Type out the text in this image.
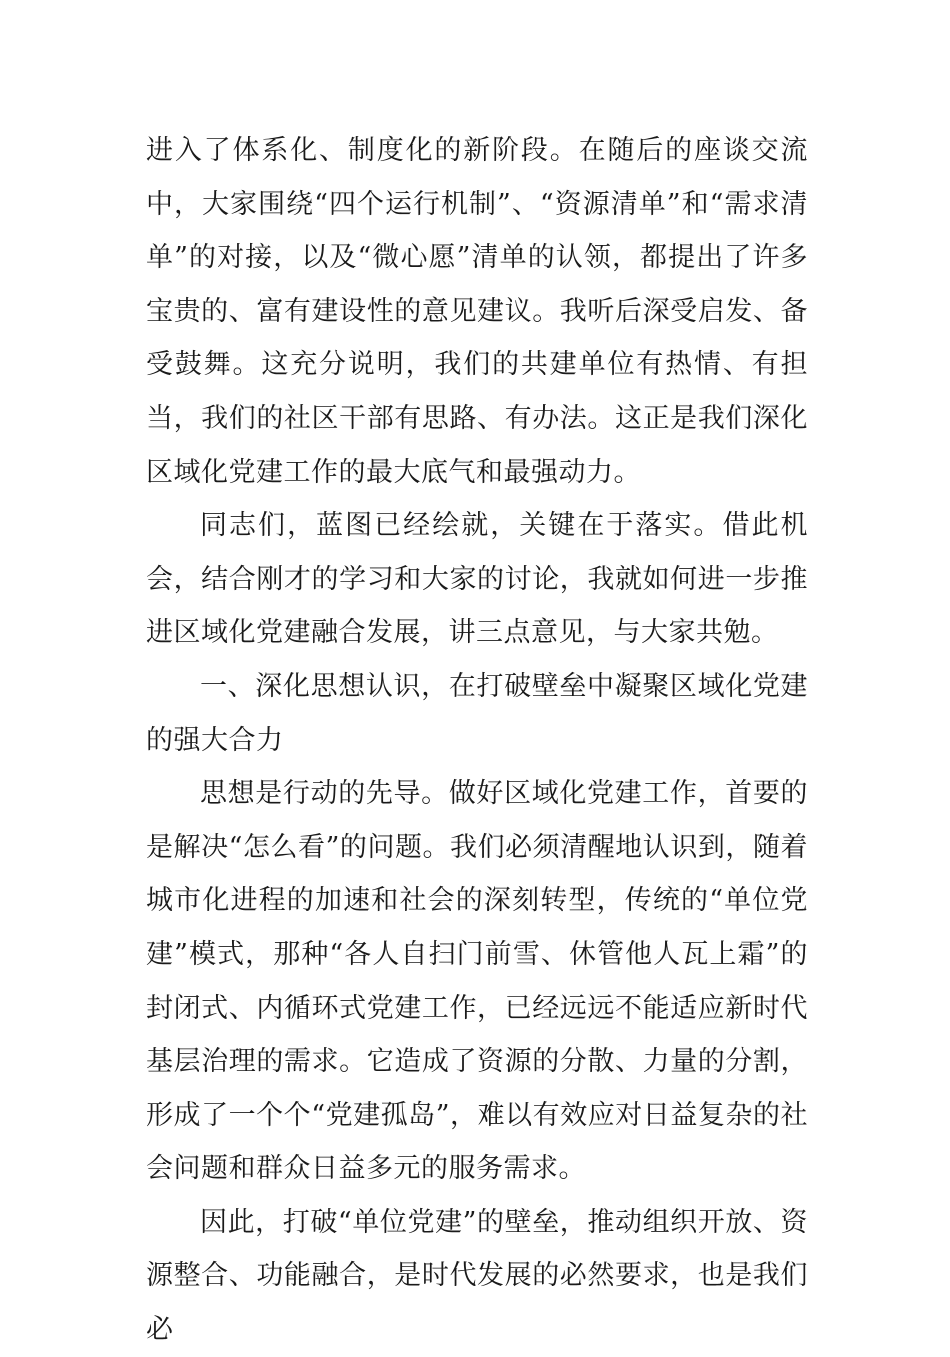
进入了体系化、制度化的新阶段。在随后的座谈交流中，大家围绕“四个运行机制”、“资源清单”和“需求清单”的对接，以及“微心愿”清单的认领，都提出了许多宝贵的、富有建设性的意见建议。我听后深受启发、备受鼓舞。这充分说明，我们的共建单位有热情、有担当，我们的社区干部有思路、有办法。这正是我们深化区域化党建工作的最大底气和最强动力。

同志们，蓝图已经绘就，关键在于落实。借此机会，结合刚才的学习和大家的讨论，我就如何进一步推进区域化党建融合发展，讲三点意见，与大家共勉。

一、深化思想认识，在打破壁垒中凝聚区域化党建的强大合力

思想是行动的先导。做好区域化党建工作，首要的是解决“怎么看”的问题。我们必须清醒地认识到，随着城市化进程的加速和社会的深刻转型，传统的“单位党建”模式，那种“各人自扫门前雪、休管他人瓦上霜”的封闭式、内循环式党建工作，已经远远不能适应新时代基层治理的需求。它造成了资源的分散、力量的分割，形成了一个个“党建孤岛”，难以有效应对日益复杂的社会问题和群众日益多元的服务需求。

因此，打破“单位党建”的壁垒，推动组织开放、资源整合、功能融合，是时代发展的必然要求，也是我们必
